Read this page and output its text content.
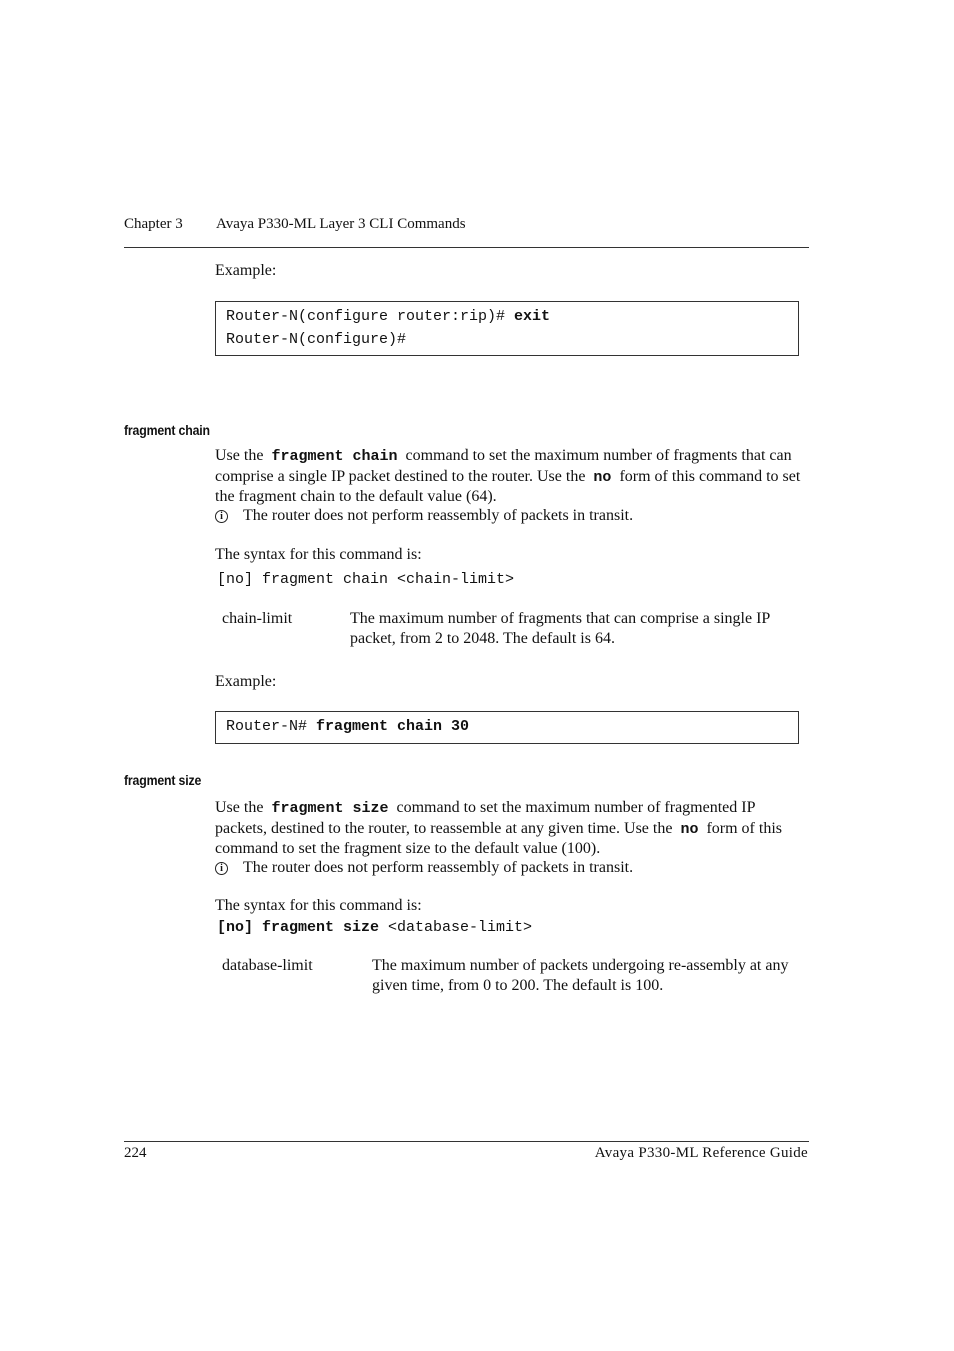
Chapter 3 Avaya P330-ML Layer 3 CLI Commands
Example:
Router-N(configure router:rip)# exit
Router-N(configure)#
fragment chain
Use the fragment chain command to set the maximum number of fragments that can comprise a single IP packet destined to the router. Use the no form of this command to set the fragment chain to the default value (64).
i	The router does not perform reassembly of packets in transit.
The syntax for this command is:
[no] fragment chain <chain-limit>
chain-limit	The maximum number of fragments that can comprise a single IP packet, from 2 to 2048. The default is 64.
Example:
Router-N# fragment chain 30
fragment size
Use the fragment size command to set the maximum number of fragmented IP packets, destined to the router, to reassemble at any given time. Use the no form of this command to set the fragment size to the default value (100).
i	The router does not perform reassembly of packets in transit.
The syntax for this command is:
[no] fragment size <database-limit>
database-limit	The maximum number of packets undergoing re-assembly at any given time, from 0 to 200. The default is 100.
224	Avaya P330-ML Reference Guide
